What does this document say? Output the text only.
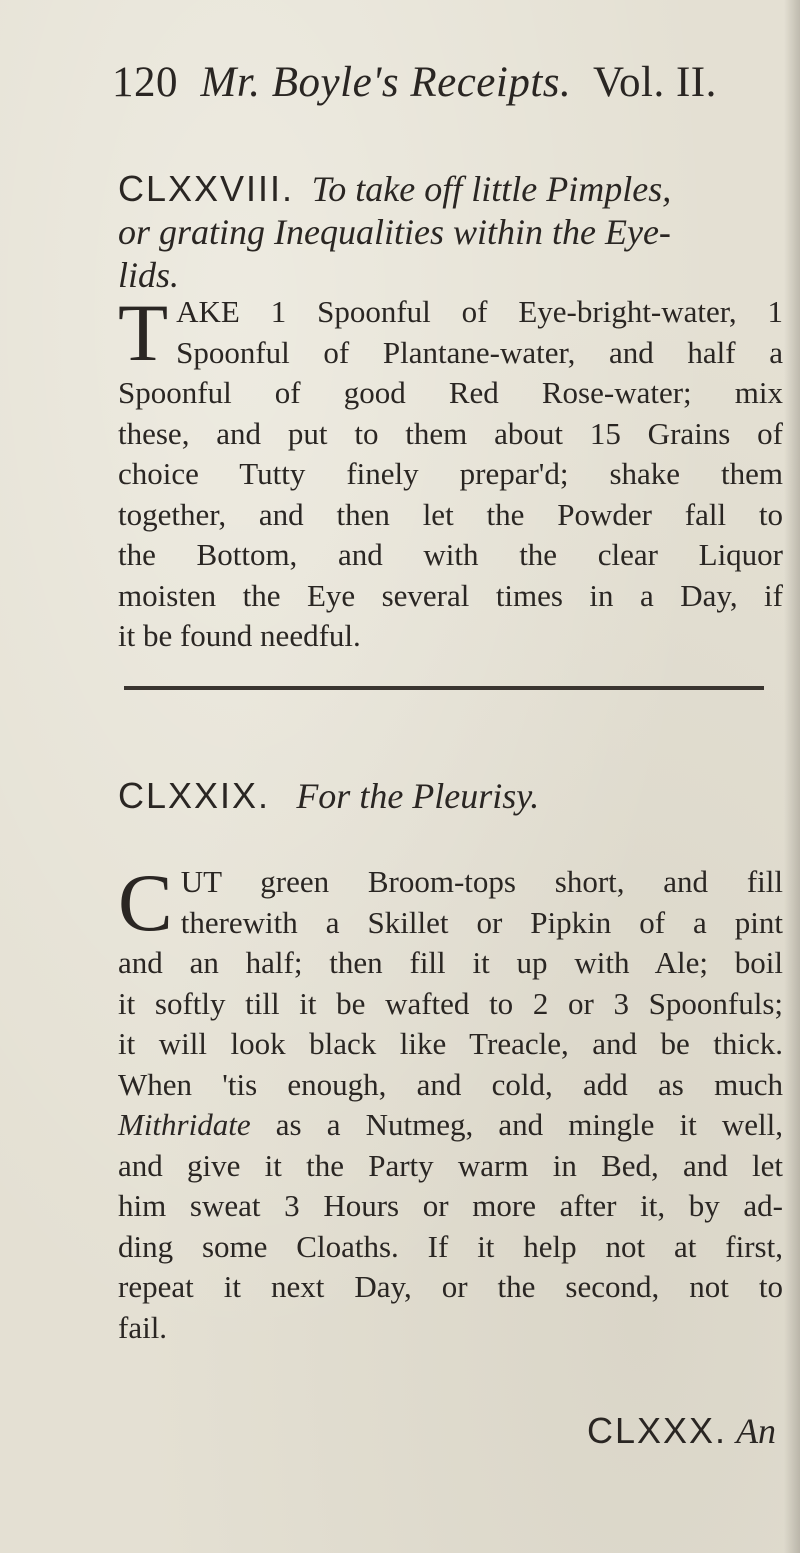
120 Mr. Boyle's Receipts. Vol. II.
CLXXVIII. To take off little Pimples,
or grating Inequalities within the Eye-
lids.
T AKE 1 Spoonful of Eye-bright-water, 1
Spoonful of Plantane-water, and half a
Spoonful of good Red Rose-water; mix
these, and put to them about 15 Grains of
choice Tutty finely prepar'd; shake them
together, and then let the Powder fall to
the Bottom, and with the clear Liquor
moisten the Eye several times in a Day, if
it be found needful.
CLXXIX. For the Pleurisy.
C UT green Broom-tops short, and fill
therewith a Skillet or Pipkin of a pint
and an half; then fill it up with Ale; boil
it softly till it be wafted to 2 or 3 Spoonfuls;
it will look black like Treacle, and be thick.
When 'tis enough, and cold, add as much
Mithridate as a Nutmeg, and mingle it well,
and give it the Party warm in Bed, and let
him sweat 3 Hours or more after it, by ad-
ding some Cloaths. If it help not at first,
repeat it next Day, or the second, not to
fail.
CLXXX. An
